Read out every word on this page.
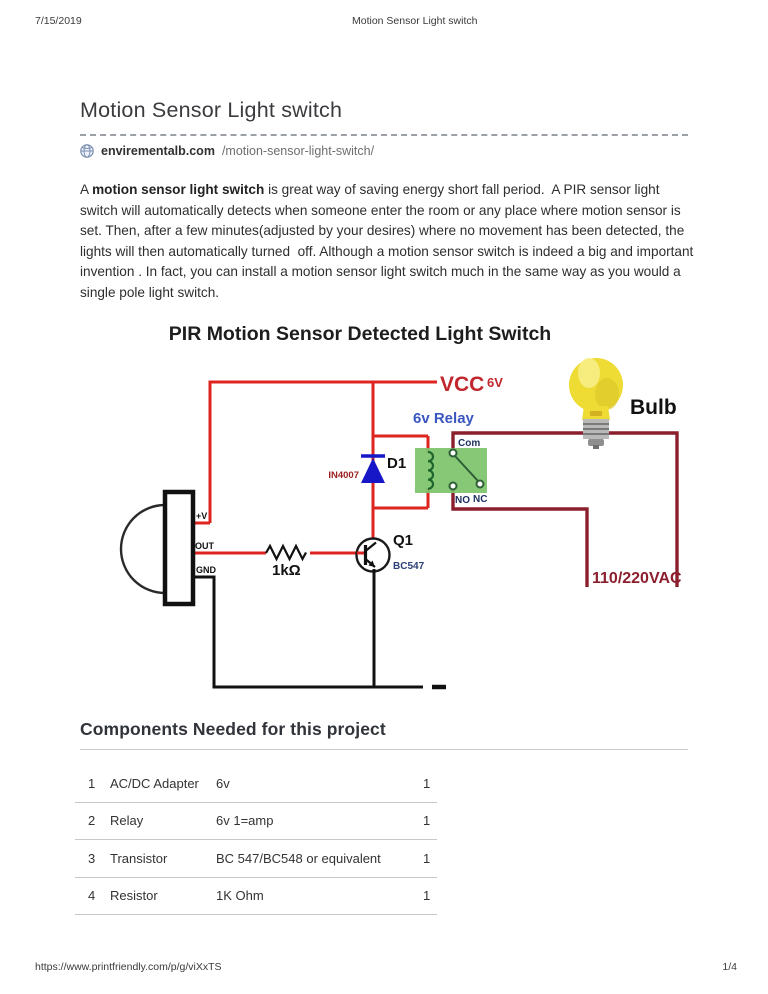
7/15/2019	Motion Sensor Light switch
Motion Sensor Light switch
envirementalb.com /motion-sensor-light-switch/

A motion sensor light switch is great way of saving energy short fall period.  A PIR sensor light switch will automatically detects when someone enter the room or any place where motion sensor is set. Then, after a few minutes(adjusted by your desires) where no movement has been detected, the lights will then automatically turned  off. Although a motion sensor switch is indeed a big and important invention . In fact, you can install a motion sensor light switch much in the same way as you would a single pole light switch.

PIR Motion Sensor Detected Light Switch
VCC 6V
6v Relay
Com
NO NC
D1
IN4007
Bulb
110/220VAC
1kΩ
Q1
BC547
+V
OUT
GND
Components Needed for this project
1	AC/DC Adapter	6v	1
2	Relay	6v 1=amp	1
3	Transistor	BC 547/BC548 or equivalent	1
4	Resistor	1K Ohm	1
https://www.printfriendly.com/p/g/viXxTS	1/4
